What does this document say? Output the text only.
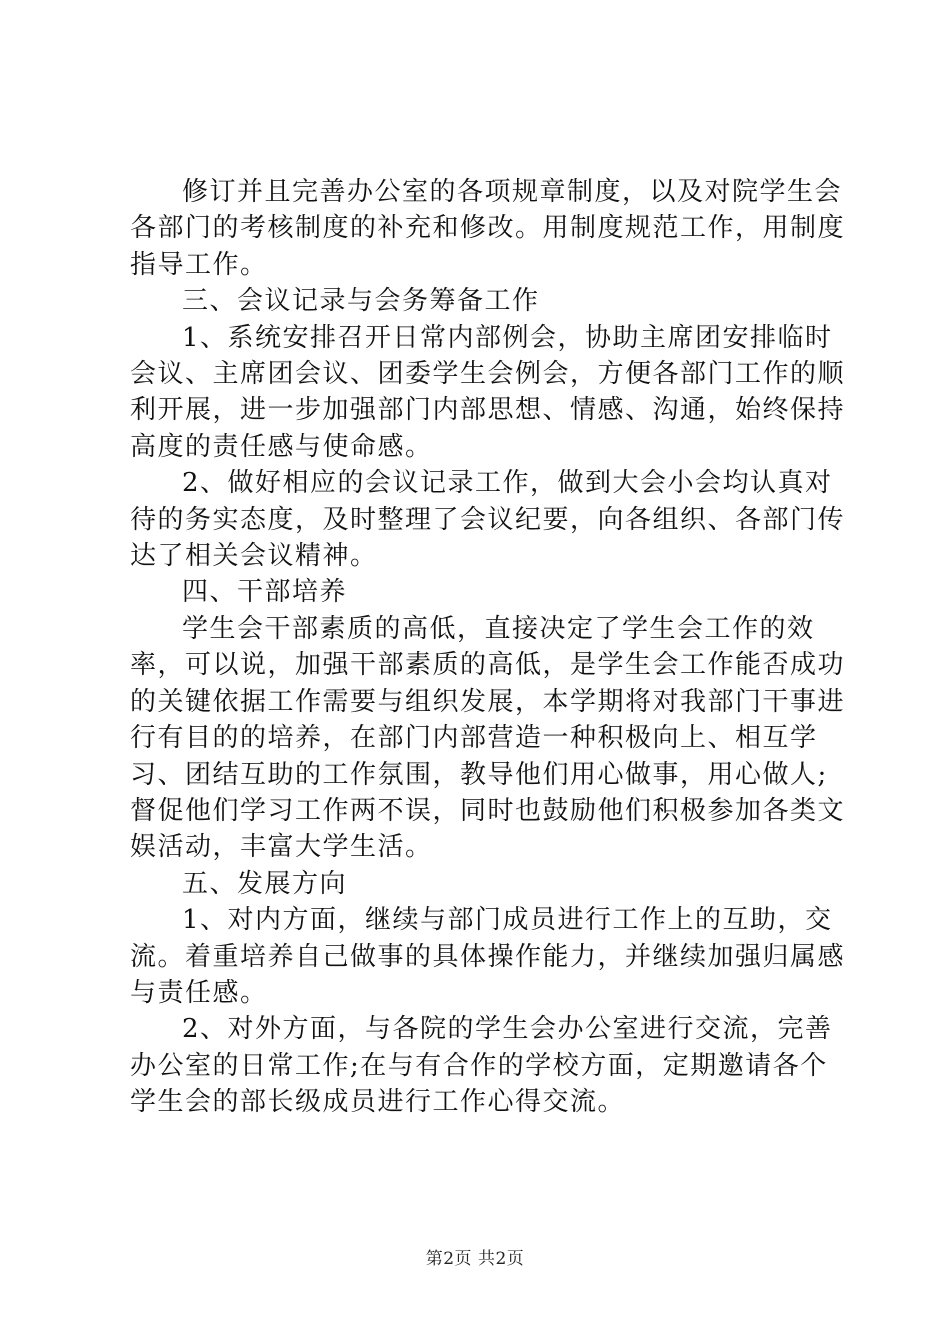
修订并且完善办公室的各项规章制度，以及对院学生会各部门的考核制度的补充和修改。用制度规范工作，用制度指导工作。

三、会议记录与会务筹备工作

1、系统安排召开日常内部例会，协助主席团安排临时会议、主席团会议、团委学生会例会，方便各部门工作的顺利开展，进一步加强部门内部思想、情感、沟通，始终保持高度的责任感与使命感。

2、做好相应的会议记录工作，做到大会小会均认真对待的务实态度，及时整理了会议纪要，向各组织、各部门传达了相关会议精神。

四、干部培养

学生会干部素质的高低，直接决定了学生会工作的效率，可以说，加强干部素质的高低，是学生会工作能否成功的关键依据工作需要与组织发展，本学期将对我部门干事进行有目的的培养，在部门内部营造一种积极向上、相互学习、团结互助的工作氛围，教导他们用心做事，用心做人;督促他们学习工作两不误，同时也鼓励他们积极参加各类文娱活动，丰富大学生活。

五、发展方向

1、对内方面，继续与部门成员进行工作上的互助，交流。着重培养自己做事的具体操作能力，并继续加强归属感与责任感。

2、对外方面，与各院的学生会办公室进行交流，完善办公室的日常工作;在与有合作的学校方面，定期邀请各个学生会的部长级成员进行工作心得交流。

第2页 共2页
